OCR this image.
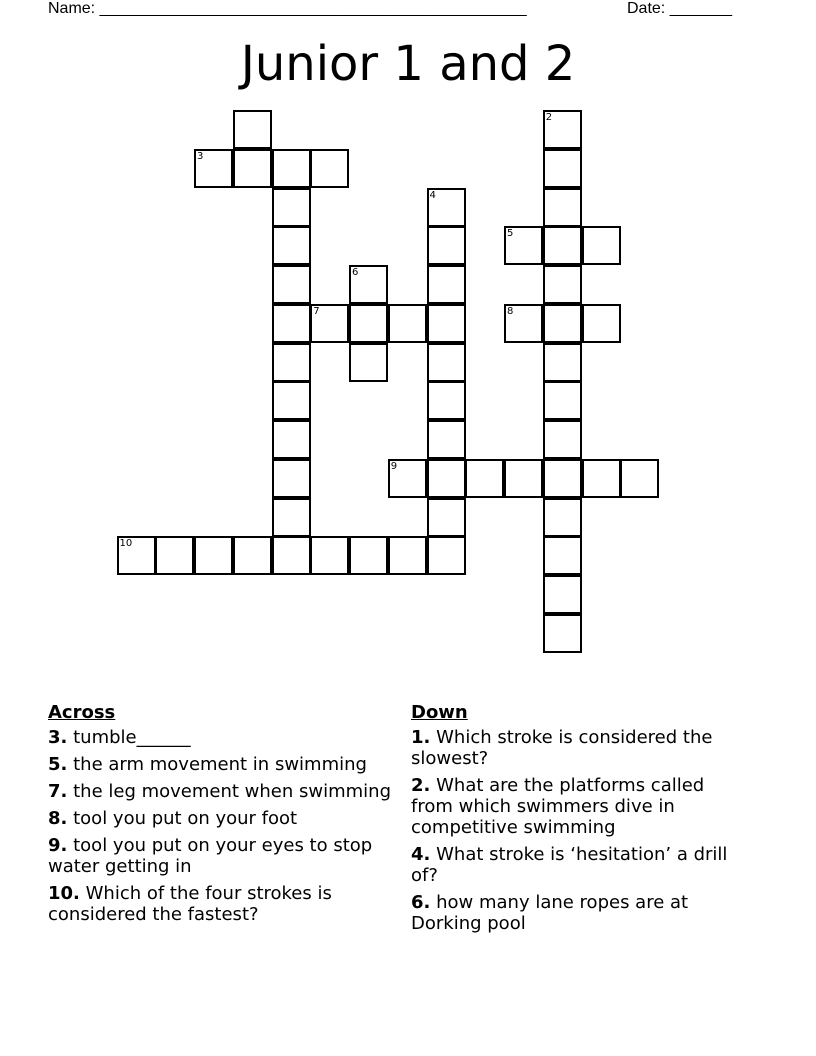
Name: ________________________________________________	Date: _______
Junior 1 and 2
2
3
4
5
6
7	8
9
10
Across
3. tumble______
5. the arm movement in swimming
7. the leg movement when swimming
8. tool you put on your foot
9. tool you put on your eyes to stop water getting in
10. Which of the four strokes is considered the fastest?
Down
1. Which stroke is considered the slowest?
2. What are the platforms called from which swimmers dive in competitive swimming
4. What stroke is ‘hesitation’ a drill of?
6. how many lane ropes are at Dorking pool
